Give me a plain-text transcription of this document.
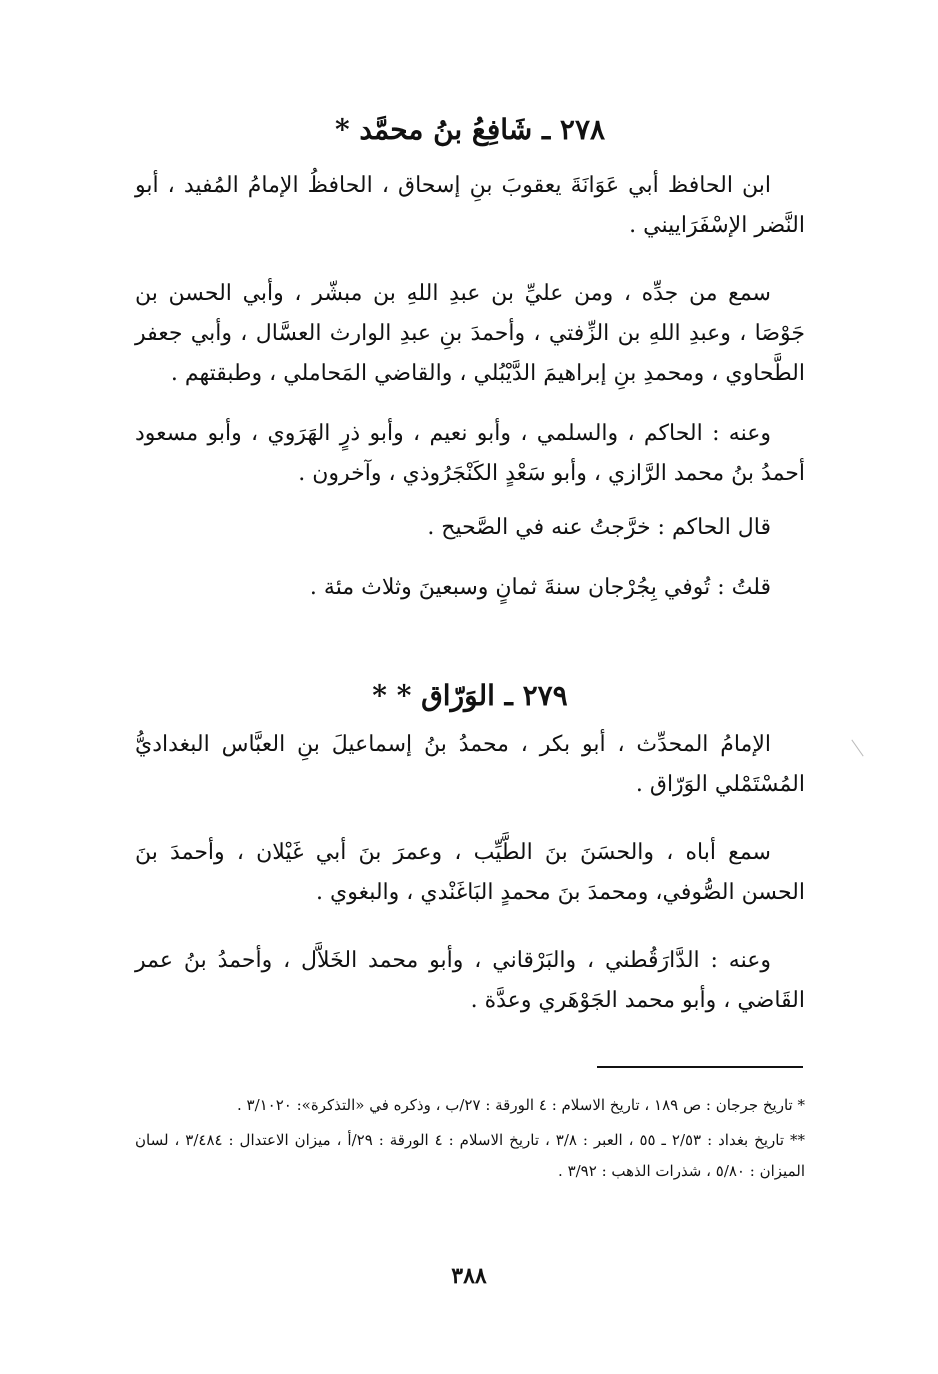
٢٧٨ ـ شَافِعُ بنُ محمَّد *

ابن الحافظ أبي عَوَانَةَ يعقوبَ بنِ إسحاق ، الحافظُ الإمامُ المُفيد ، أبو النَّضر الإسْفَرَاييني .

سمع من جدِّه ، ومن عليِّ بن عبدِ اللهِ بن مبشّر ، وأبي الحسن بن جَوْصَا ، وعبدِ اللهِ بن الزِّفتي ، وأحمدَ بنِ عبدِ الوارث العسَّال ، وأبي جعفر الطَّحاوي ، ومحمدِ بنِ إبراهيمَ الدَّيْبُلي ، والقاضي المَحاملي ، وطبقتهم .

وعنه : الحاكم ، والسلمي ، وأبو نعيم ، وأبو ذرٍ الهَرَوي ، وأبو مسعود أحمدُ بنُ محمد الرَّازي ، وأبو سَعْدٍ الكَنْجَرُوذي ، وآخرون .

قال الحاكم : خرَّجتُ عنه في الصَّحيح .

قلتُ : تُوفي بِجُرْجان سنةَ ثمانٍ وسبعينَ وثلاث مئة .

٢٧٩ ـ الوَرّاق * *

الإمامُ المحدِّث ، أبو بكر ، محمدُ بنُ إسماعيلَ بنِ العبَّاس البغداديُّ المُسْتَمْلي الوَرّاق .

سمع أباه ، والحسَنَ بنَ الطَّيِّب ، وعمرَ بنَ أبي غَيْلان ، وأحمدَ بنَ الحسن الصُّوفي، ومحمدَ بنَ محمدٍ البَاغَنْدي ، والبغوي .

وعنه : الدَّارَقُطني ، والبَرْقاني ، وأبو محمد الخَلاَّل ، وأحمدُ بنُ عمر القَاضي ، وأبو محمد الجَوْهَري وعدَّة .

* تاريخ جرجان : ص ١٨٩ ، تاريخ الاسلام : ٤ الورقة : ٢٧/ب ، وذكره في «التذكرة»: ٣/١٠٢٠ .

** تاريخ بغداد : ٢/٥٣ ـ ٥٥ ، العبر : ٣/٨ ، تاريخ الاسلام : ٤ الورقة : ٢٩/أ ، ميزان الاعتدال : ٣/٤٨٤ ، لسان الميزان : ٥/٨٠ ، شذرات الذهب : ٣/٩٢ .

٣٨٨
